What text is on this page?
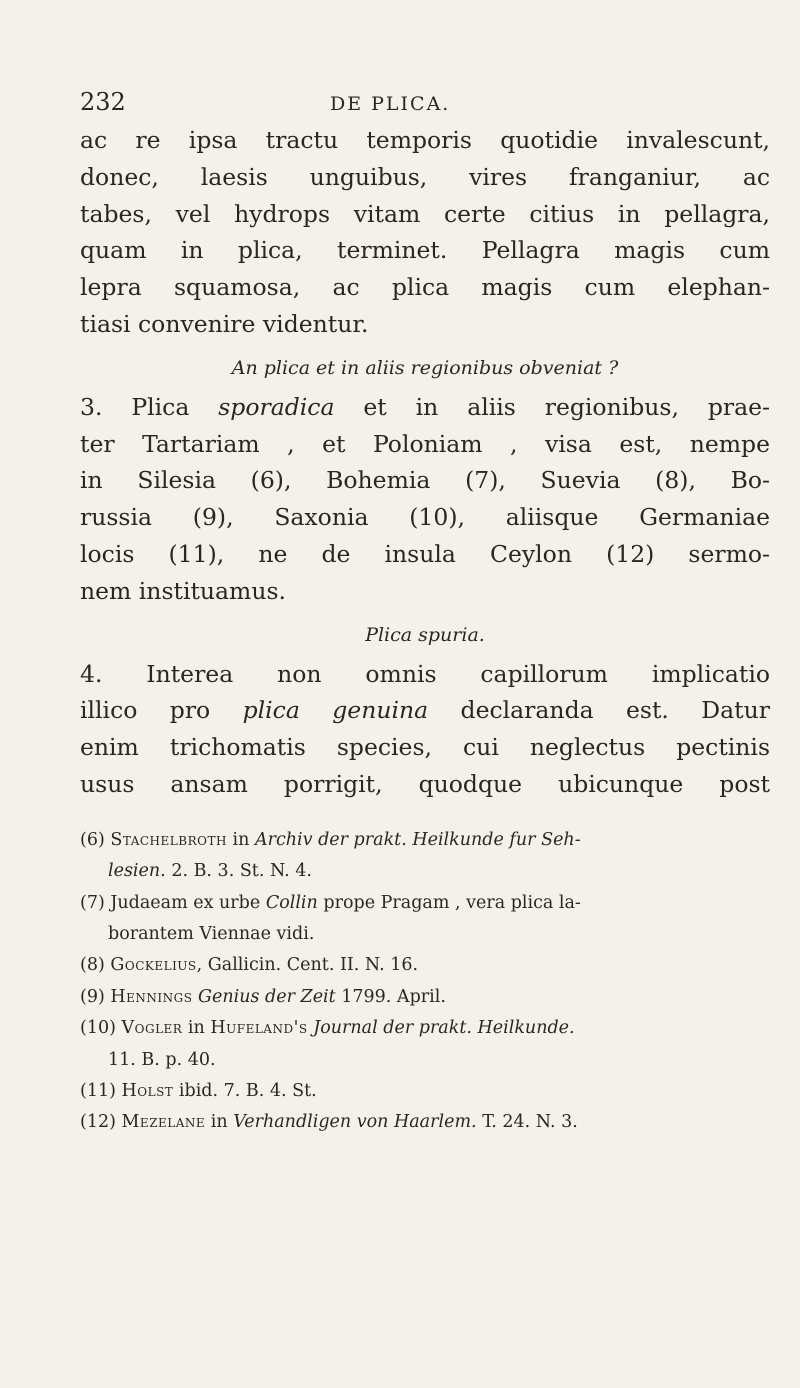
232	DE PLICA.

ac re ipsa tractu temporis quotidie invalescunt,

donec, laesis unguibus, vires franganiur, ac

tabes, vel hydrops vitam certe citius in pellagra,

quam in plica, terminet. Pellagra magis cum

lepra squamosa, ac plica magis cum elephan-

tiasi convenire videntur.

An plica et in aliis regionibus obveniat ?

3. Plica sporadica et in aliis regionibus, prae-

ter Tartariam , et Poloniam , visa est, nempe

in Silesia (6), Bohemia (7), Suevia (8), Bo-

russia (9), Saxonia (10), aliisque Germaniae

locis (11), ne de insula Ceylon (12) sermo-

nem instituamus.

Plica spuria.

4. Interea non omnis capillorum implicatio

illico pro plica genuina declaranda est. Datur

enim trichomatis species, cui neglectus pectinis

usus ansam porrigit, quodque ubicunque post

(6) Stachelbroth in Archiv der prakt. Heilkunde fur Seh-
lesien. 2. B. 3. St. N. 4.

(7) Judaeam ex urbe Collin prope Pragam , vera plica la-
borantem Viennae vidi.

(8) Gockelius, Gallicin. Cent. II. N. 16.

(9) Hennings Genius der Zeit 1799. April.

(10) Vogler in Hufeland's Journal der prakt. Heilkunde.
11. B. p. 40.

(11) Holst ibid. 7. B. 4. St.

(12) Mezelane in Verhandligen von Haarlem. T. 24. N. 3.
